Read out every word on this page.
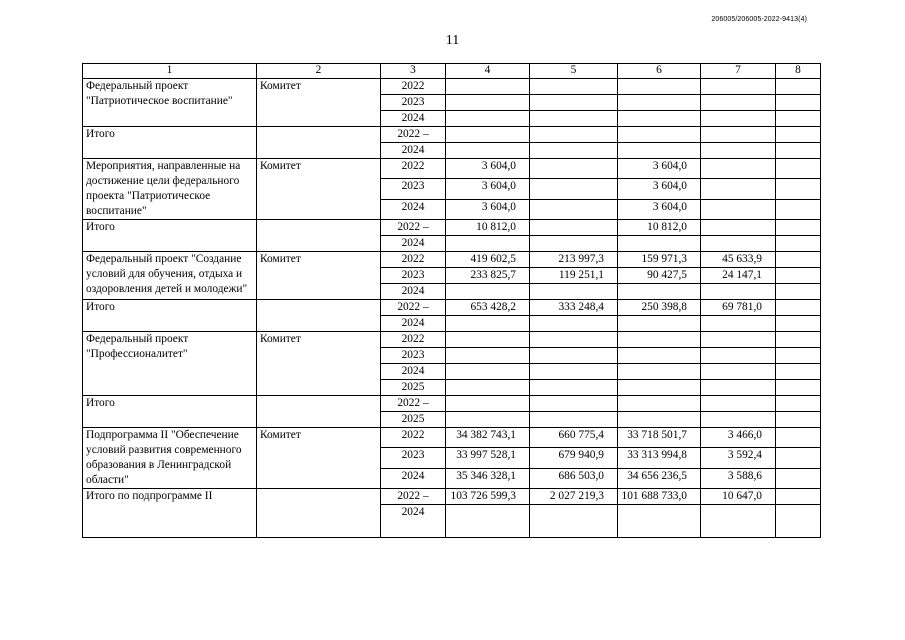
206005/206005-2022-9413(4)
11
1	2	3	4	5	6	7	8
Федеральный проект "Патриотическое воспитание"	Комитет	2022					
		2023					
		2024					
Итого		2022 –					
		2024					
Мероприятия, направленные на достижение цели федерального проекта "Патриотическое воспитание"	Комитет	2022	3 604,0		3 604,0		
		2023	3 604,0		3 604,0		
		2024	3 604,0		3 604,0		
Итого		2022 –	10 812,0		10 812,0		
		2024					
Федеральный проект "Создание условий для обучения, отдыха и оздоровления детей и молодежи"	Комитет	2022	419 602,5	213 997,3	159 971,3	45 633,9	
		2023	233 825,7	119 251,1	90 427,5	24 147,1	
		2024					
Итого		2022 –	653 428,2	333 248,4	250 398,8	69 781,0	
		2024					
Федеральный проект "Профессионалитет"	Комитет	2022					
		2023					
		2024					
		2025					
Итого		2022 –					
		2025					
Подпрограмма II "Обеспечение условий развития современного образования в Ленинградской области"	Комитет	2022	34 382 743,1	660 775,4	33 718 501,7	3 466,0	
		2023	33 997 528,1	679 940,9	33 313 994,8	3 592,4	
		2024	35 346 328,1	686 503,0	34 656 236,5	3 588,6	
Итого по подпрограмме II		2022 –	103 726 599,3	2 027 219,3	101 688 733,0	10 647,0	
		2024					
